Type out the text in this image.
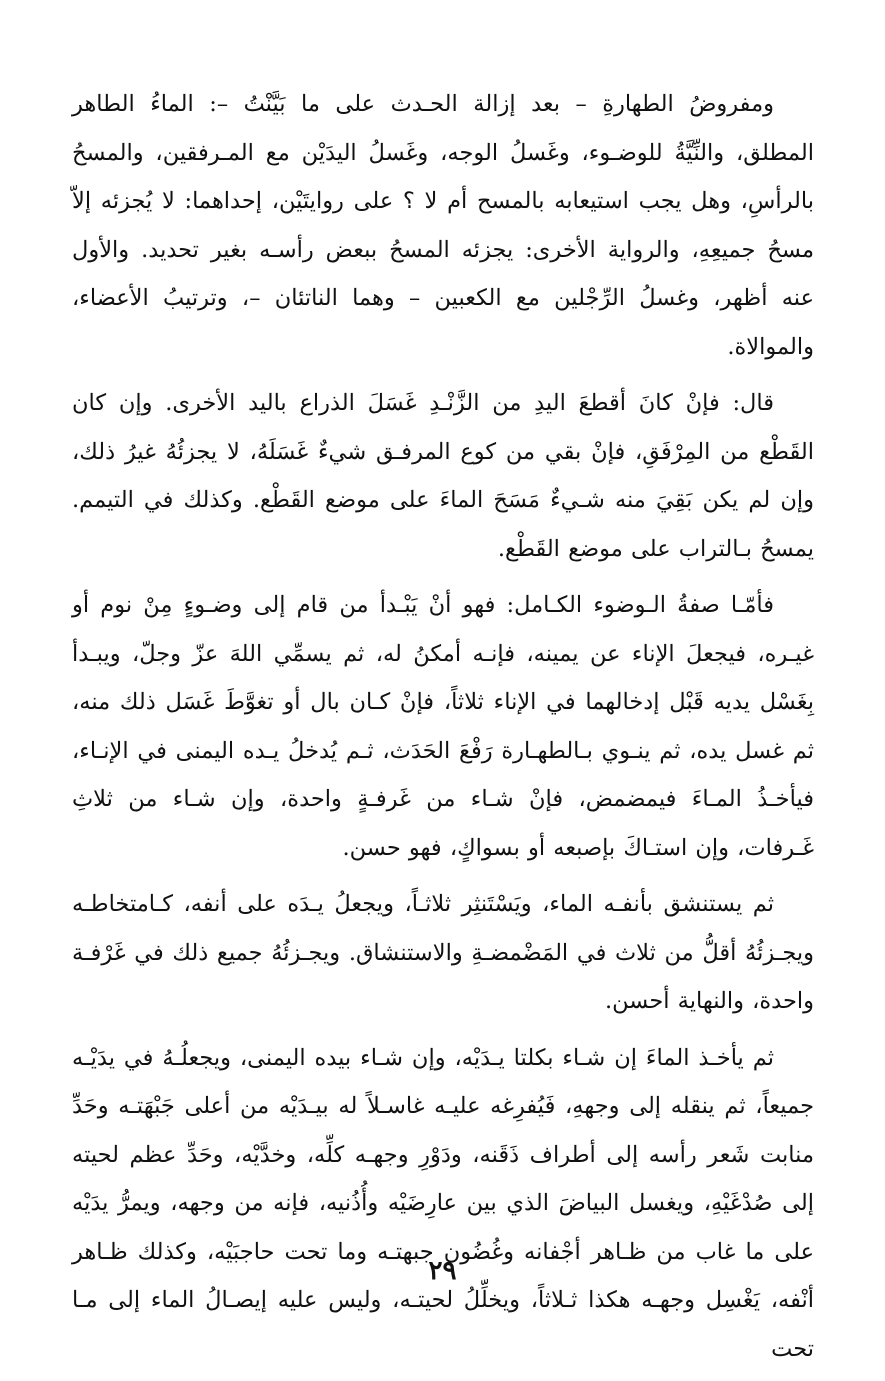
ومفروضُ الطهارةِ – بعد إزالة الحـدث على ما بَيَّنْتُ –: الماءُ الطاهر المطلق، والنِّيَّةُ للوضـوء، وغَسلُ الوجه، وغَسلُ اليدَيْن مع المـرفقين، والمسحُ بالرأسِ، وهل يجب استيعابه بالمسح أم لا ؟ على روايتَيْن، إحداهما: لا يُجزئه إلاّ مسحُ جميعِهِ، والرواية الأخرى: يجزئه المسحُ ببعض رأسـه بغير تحديد. والأول عنه أظهر، وغسلُ الرِّجْلين مع الكعبين – وهما الناتئان –، وترتيبُ الأعضاء، والموالاة.

قال: فإنْ كانَ أقطعَ اليدِ من الزَّنْـدِ غَسَلَ الذراع باليد الأخرى. وإن كان القَطْع من المِرْفَقِ، فإنْ بقي من كوع المرفـق شيءٌ غَسَلَهُ، لا يجزئُهُ غيرُ ذلك، وإن لم يكن بَقِيَ منه شـيءٌ مَسَحَ الماءَ على موضع القَطْع. وكذلك في التيمم. يمسحُ بـالتراب على موضع القَطْع.

فأمّـا صفةُ الـوضوء الكـامل: فهو أنْ يَبْـدأ من قام إلى وضـوءٍ مِنْ نوم أو غيـره، فيجعلَ الإناء عن يمينه، فإنـه أمكنُ له، ثم يسمِّي اللهَ عزّ وجلّ، ويبـدأ بِغَسْل يديه قَبْل إدخالهما في الإناء ثلاثاً، فإنْ كـان بال أو تغوَّطَ غَسَل ذلك منه، ثم غسل يده، ثم ينـوي بـالطهـارة رَفْعَ الحَدَث، ثـم يُدخلُ يـده اليمنى في الإنـاء، فيأخـذُ المـاءَ فيمضمض، فإنْ شـاء من غَرفـةٍ واحدة، وإن شـاء من ثلاثِ غَـرفات، وإن استـاكَ بإصبعه أو بسواكٍ، فهو حسن.

ثم يستنشق بأنفـه الماء، ويَسْتَنثِر ثلاثـاً، ويجعلُ يـدَه على أنفه، كـامتخاطـه ويجـزئُهُ أقلُّ من ثلاث في المَضْمضـةِ والاستنشاق. ويجـزئُهُ جميع ذلك في غَرْفـة واحدة، والنهاية أحسن.

ثم يأخـذ الماءَ إن شـاء بكلتا يـدَيْه، وإن شـاء بيده اليمنى، ويجعلُـهُ في يدَيْـه جميعاً، ثم ينقله إلى وجههِ، فَيُفرِغه عليـه غاسـلاً له بيـدَيْه من أعلى جَبْهَتـه وحَدِّ منابت شَعر رأسه إلى أطراف ذَقَنه، ودَوْرِ وجهـه كلِّه، وخدَّيْه، وحَدِّ عظم لحيته إلى صُدْغَيْهِ، ويغسل البياضَ الذي بين عارِضَيْه وأُذُنيه، فإنه من وجهه، ويمرُّ يدَيْه على ما غاب من ظـاهر أجْفانه وغُضُون جبهتـه وما تحت حاجبَيْه، وكذلك ظـاهر أنْفه، يَغْسِل وجهـه هكذا ثـلاثاً، ويخلِّلُ لحيتـه، وليس عليه إيصـالُ الماء إلى مـا تحت

٢٩
